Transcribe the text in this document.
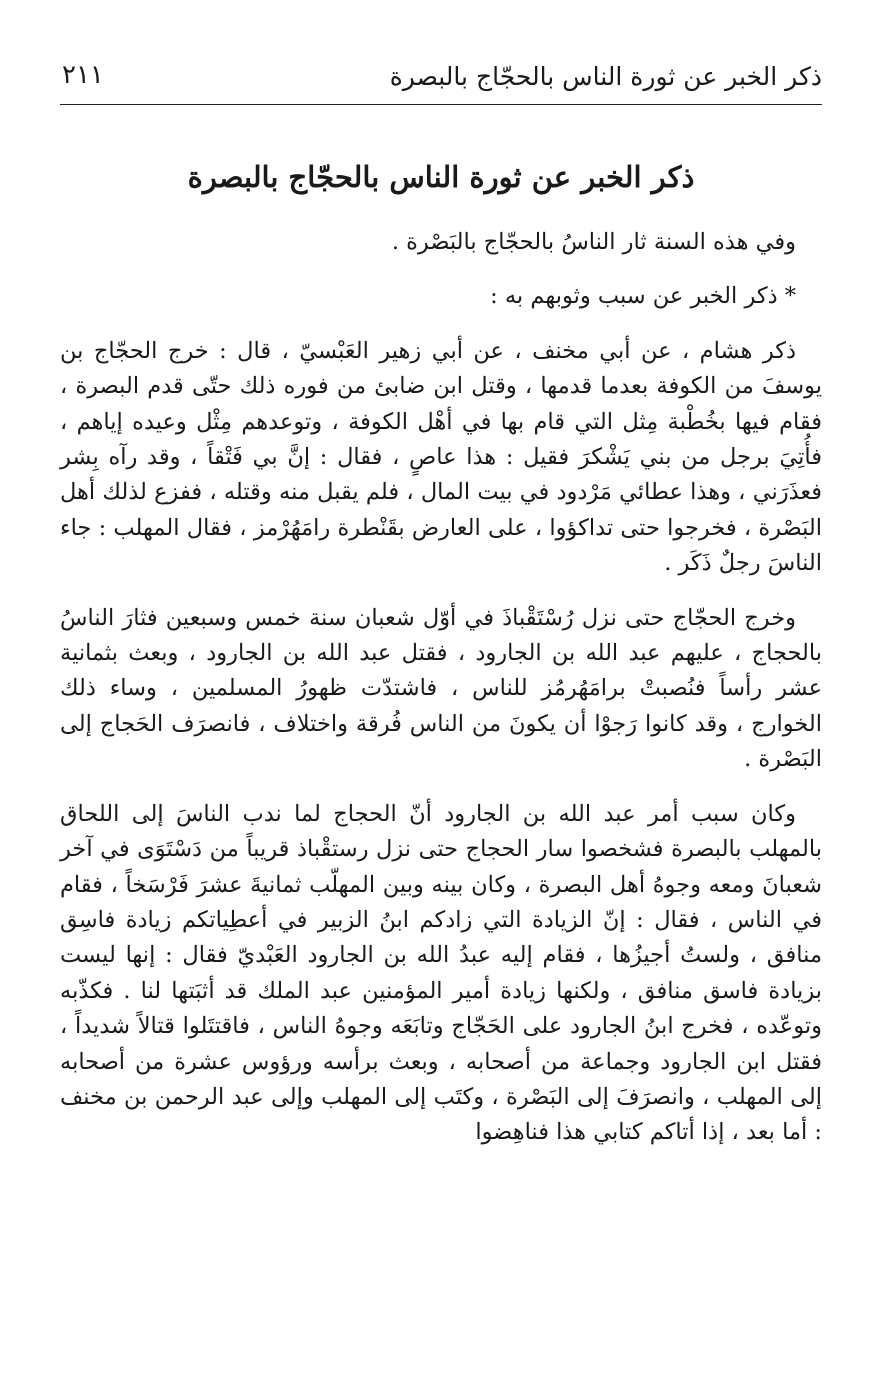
ذكر الخبر عن ثورة الناس بالحجّاج بالبصرة
٢١١
ذكر الخبر عن ثورة الناس بالحجّاج بالبصرة

وفي هذه السنة ثار الناسُ بالحجّاج بالبَصْرة .

* ذكر الخبر عن سبب وثوبهم به :

ذكر هشام ، عن أبي مخنف ، عن أبي زهير العَبْسيّ ، قال : خرج الحجّاج بن يوسفَ من الكوفة بعدما قدمها ، وقتل ابن ضابئ من فوره ذلك حتّى قدم البصرة ، فقام فيها بخُطْبة مِثل التي قام بها في أهْل الكوفة ، وتوعدهم مِثْل وعيده إياهم ، فأُتِيَ برجل من بني يَشْكرَ فقيل : هذا عاصٍ ، فقال : إنَّ بي فَتْقاً ، وقد رآه بِشر فعذَرَني ، وهذا عطائي مَرْدود في بيت المال ، فلم يقبل منه وقتله ، ففزع لذلك أهل البَصْرة ، فخرجوا حتى تداكؤوا ، على العارض بقَنْطرة رامَهُرْمز ، فقال المهلب : جاء الناسَ رجلٌ ذَكَر .

وخرج الحجّاج حتى نزل رُسْتَقْباذَ في أوّل شعبان سنة خمس وسبعين فثارَ الناسُ بالحجاج ، عليهم عبد الله بن الجارود ، فقتل عبد الله بن الجارود ، وبعث بثمانية عشر رأساً فنُصبتْ برامَهُرمُز للناس ، فاشتدّت ظهورُ المسلمين ، وساء ذلك الخوارج ، وقد كانوا رَجوْا أن يكونَ من الناس فُرقة واختلاف ، فانصرَف الحَجاج إلى البَصْرة .

وكان سبب أمر عبد الله بن الجارود أنّ الحجاج لما ندب الناسَ إلى اللحاق بالمهلب بالبصرة فشخصوا سار الحجاج حتى نزل رستقْباذ قريباً من دَسْتَوَى في آخر شعبانَ ومعه وجوهُ أهل البصرة ، وكان بينه وبين المهلّب ثمانيةَ عشرَ فَرْسَخاً ، فقام في الناس ، فقال : إنّ الزيادة التي زادكم ابنُ الزبير في أعطِياتكم زيادة فاسِق منافق ، ولستُ أجيزُها ، فقام إليه عبدُ الله بن الجارود العَبْديّ فقال : إنها ليست بزيادة فاسق منافق ، ولكنها زيادة أمير المؤمنين عبد الملك قد أثبَتها لنا . فكذّبه وتوعّده ، فخرج ابنُ الجارود على الحَجّاج وتابَعَه وجوهُ الناس ، فاقتتَلوا قتالاً شديداً ، فقتل ابن الجارود وجماعة من أصحابه ، وبعث برأسه ورؤوس عشرة من أصحابه إلى المهلب ، وانصرَفَ إلى البَصْرة ، وكتَب إلى المهلب وإلى عبد الرحمن بن مخنف : أما بعد ، إذا أتاكم كتابي هذا فناهِضوا
